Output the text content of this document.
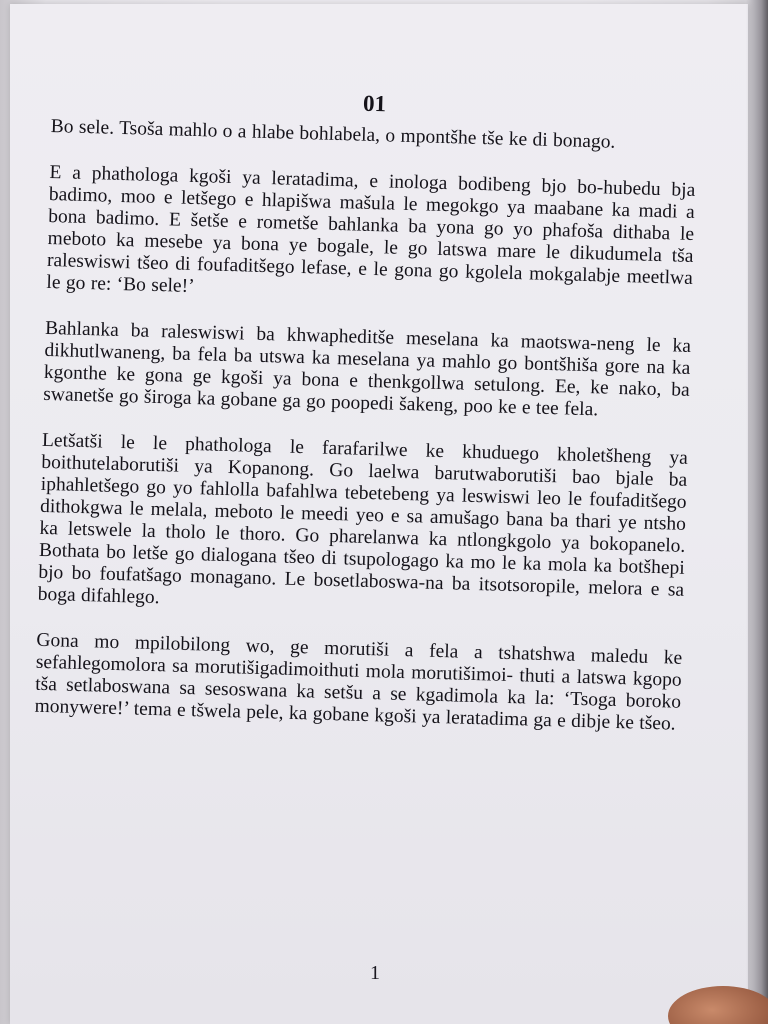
01

Bo sele. Tsoša mahlo o a hlabe bohlabela, o mpontšhe tše ke di bonago.

E a phathologa kgoši ya leratadima, e inologa bodibeng bjo bo-hubedu bja badimo, moo e letšego e hlapišwa mašula le megokgo ya maabane ka madi a bona badimo. E šetše e rometše bahlanka ba yona go yo phafoša dithaba le meboto ka mesebe ya bona ye bogale, le go latswa mare le dikudumela tša raleswiswi tšeo di foufaditšego lefase, e le gona go kgolela mokgalabje meetlwa le go re: ‘Bo sele!’

Bahlanka ba raleswiswi ba khwapheditše meselana ka maotswa-neng le ka dikhutlwaneng, ba fela ba utswa ka meselana ya mahlo go bontšhiša gore na ka kgonthe ke gona ge kgoši ya bona e thenkgollwa setulong. Ee, ke nako, ba swanetše go široga ka gobane ga go poopedi šakeng, poo ke e tee fela.

Letšatši le le phathologa le farafarilwe ke khuduego kholetšheng ya boithutelaborutiši ya Kopanong. Go laelwa barutwaborutiši bao bjale ba iphahletšego go yo fahlolla bafahlwa tebetebeng ya leswiswi leo le foufaditšego dithokgwa le melala, meboto le meedi yeo e sa amušago bana ba thari ye ntsho ka letswele la tholo le thoro. Go pharelanwa ka ntlongkgolo ya bokopanelo. Bothata bo letše go dialogana tšeo di tsupologago ka mo le ka mola ka botšhepi bjo bo foufatšago monagano. Le bosetlaboswa-na ba itsotsoropile, melora e sa boga difahlego.

Gona mo mpilobilong wo, ge morutiši a fela a tshatshwa maledu ke sefahlegomolora sa morutišigadimoithuti mola morutišimoi- thuti a latswa kgopo tša setlaboswana sa sesoswana ka setšu a se kgadimola ka la: ‘Tsoga boroko monywere!’ tema e tšwela pele, ka gobane kgoši ya leratadima ga e dibje ke tšeo.

1
